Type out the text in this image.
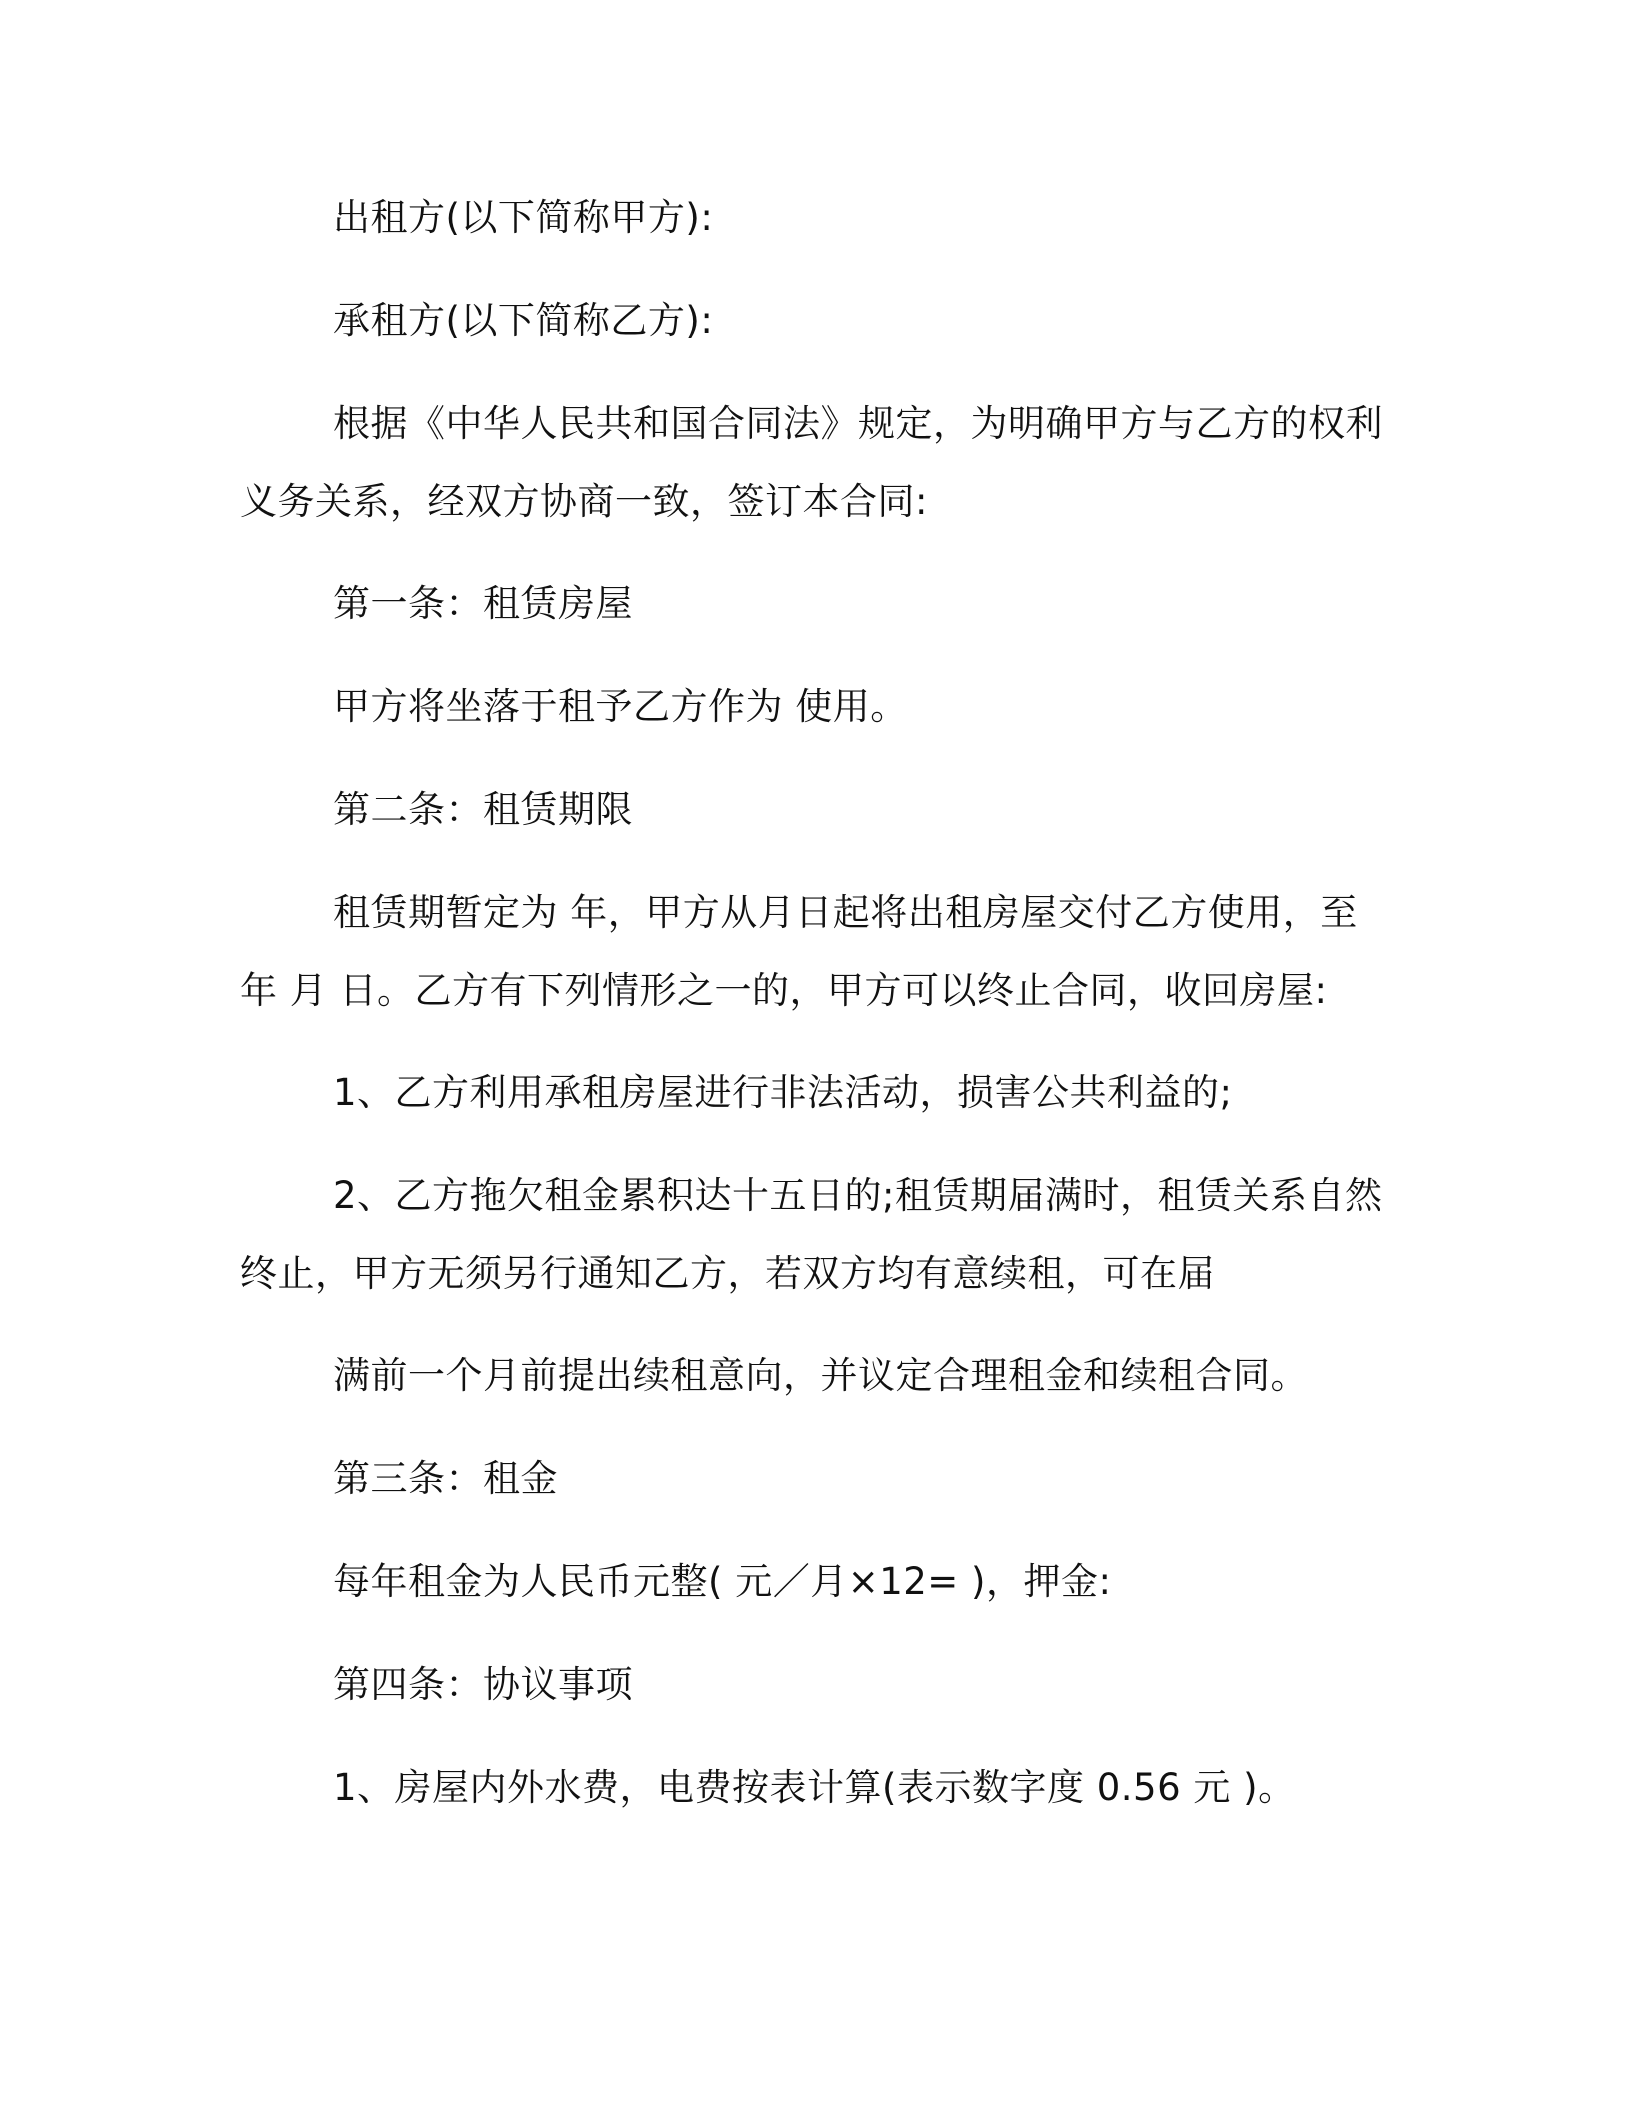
出租方(以下简称甲方):
承租方(以下简称乙方):
根据《中华人民共和国合同法》规定，为明确甲方与乙方的权利
义务关系，经双方协商一致，签订本合同:
第一条：租赁房屋
甲方将坐落于租予乙方作为 使用。
第二条：租赁期限
租赁期暂定为 年，甲方从月日起将出租房屋交付乙方使用，至
年 月 日。乙方有下列情形之一的，甲方可以终止合同，收回房屋:
1、乙方利用承租房屋进行非法活动，损害公共利益的;
2、乙方拖欠租金累积达十五日的;租赁期届满时，租赁关系自然
终止，甲方无须另行通知乙方，若双方均有意续租，可在届
满前一个月前提出续租意向，并议定合理租金和续租合同。
第三条：租金
每年租金为人民币元整( 元／月×12= )，押金:
第四条：协议事项
1、房屋内外水费，电费按表计算(表示数字度 0.56 元 )。
